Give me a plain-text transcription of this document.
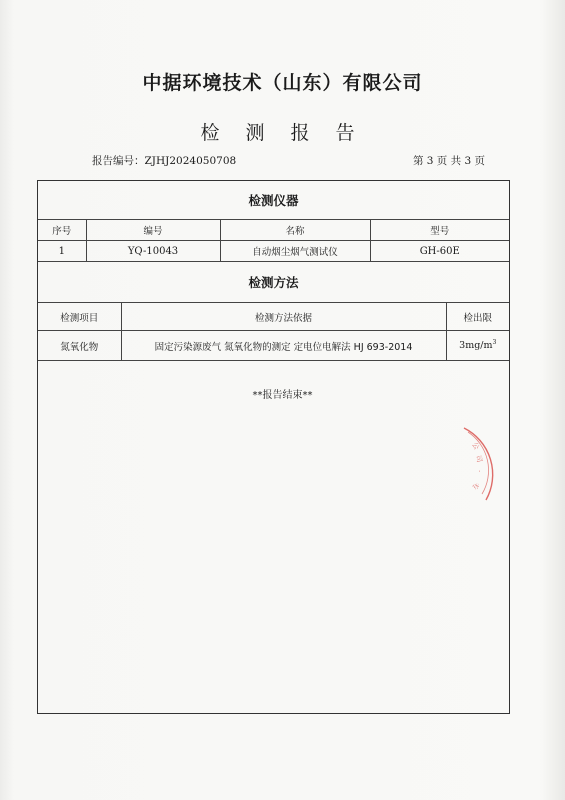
中据环境技术（山东）有限公司
检 测 报 告
报告编号：ZJHJ2024050708	第 3 页 共 3 页
检测仪器			
序号	编号	名称	型号
1	YQ-10043	自动烟尘烟气测试仪	GH-60E
检测方法		
检测项目	检测方法依据	检出限
氮氧化物	固定污染源废气 氮氧化物的测定 定电位电解法 HJ 693-2014	$3mg/m^3$
**报告结束**
公
司
·
专
